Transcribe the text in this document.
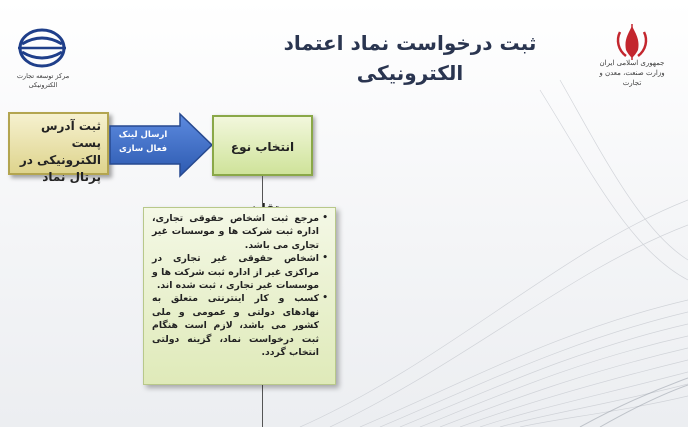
مرکز توسعه تجارت الکترونیکی
ثبت درخواست نماد اعتماد الکترونیکی	جمهوری اسلامی ایران
وزارت صنعت، معدن و تجارت
ثبت آدرس پست الکترونیکی در پرتال نماد
ارسال لینک فعال سازی	انتخاب نوع
• مرجع ثبت اشخاص حقوقی تجاری، اداره ثبت شرکت ها و موسسات غیر تجاری می باشد.
• اشخاص حقوقی غیر تجاری در مراکزی غیر از اداره ثبت شرکت ها و موسسات غیر تجاری ، ثبت شده اند.
• کسب و کار اینترنتی متعلق به نهادهای دولتی و عمومی و ملی کشور می باشد، لازم است هنگام ثبت درخواست نماد، گزینه دولتی انتخاب گردد.
